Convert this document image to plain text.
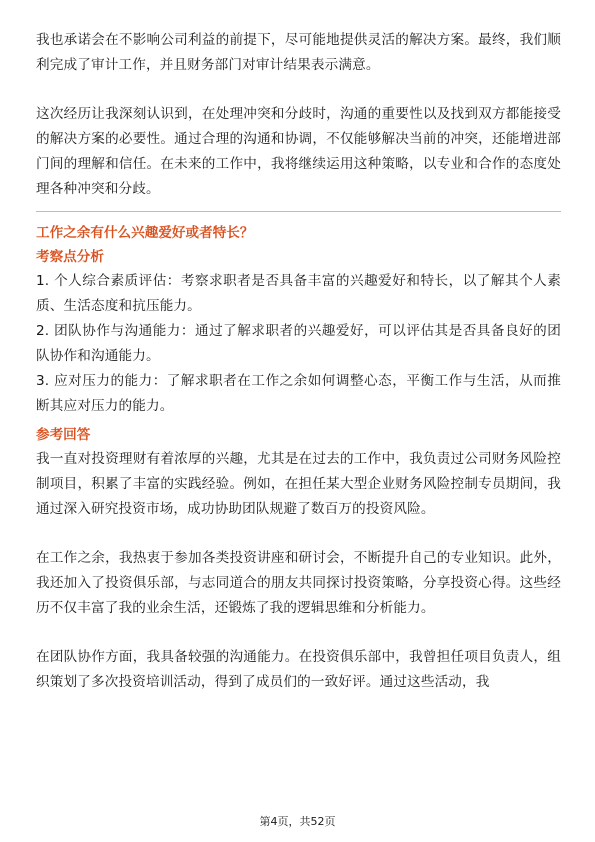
我也承诺会在不影响公司利益的前提下，尽可能地提供灵活的解决方案。最终，我们顺利完成了审计工作，并且财务部门对审计结果表示满意。

这次经历让我深刻认识到，在处理冲突和分歧时，沟通的重要性以及找到双方都能接受的解决方案的必要性。通过合理的沟通和协调，不仅能够解决当前的冲突，还能增进部门间的理解和信任。在未来的工作中，我将继续运用这种策略，以专业和合作的态度处理各种冲突和分歧。

工作之余有什么兴趣爱好或者特长？

考察点分析

1. 个人综合素质评估：考察求职者是否具备丰富的兴趣爱好和特长，以了解其个人素质、生活态度和抗压能力。

2. 团队协作与沟通能力：通过了解求职者的兴趣爱好，可以评估其是否具备良好的团队协作和沟通能力。

3. 应对压力的能力：了解求职者在工作之余如何调整心态，平衡工作与生活，从而推断其应对压力的能力。

参考回答

我一直对投资理财有着浓厚的兴趣，尤其是在过去的工作中，我负责过公司财务风险控制项目，积累了丰富的实践经验。例如，在担任某大型企业财务风险控制专员期间，我通过深入研究投资市场，成功协助团队规避了数百万的投资风险。

在工作之余，我热衷于参加各类投资讲座和研讨会，不断提升自己的专业知识。此外，我还加入了投资俱乐部，与志同道合的朋友共同探讨投资策略，分享投资心得。这些经历不仅丰富了我的业余生活，还锻炼了我的逻辑思维和分析能力。

在团队协作方面，我具备较强的沟通能力。在投资俱乐部中，我曾担任项目负责人，组织策划了多次投资培训活动，得到了成员们的一致好评。通过这些活动，我

第4页，共52页
